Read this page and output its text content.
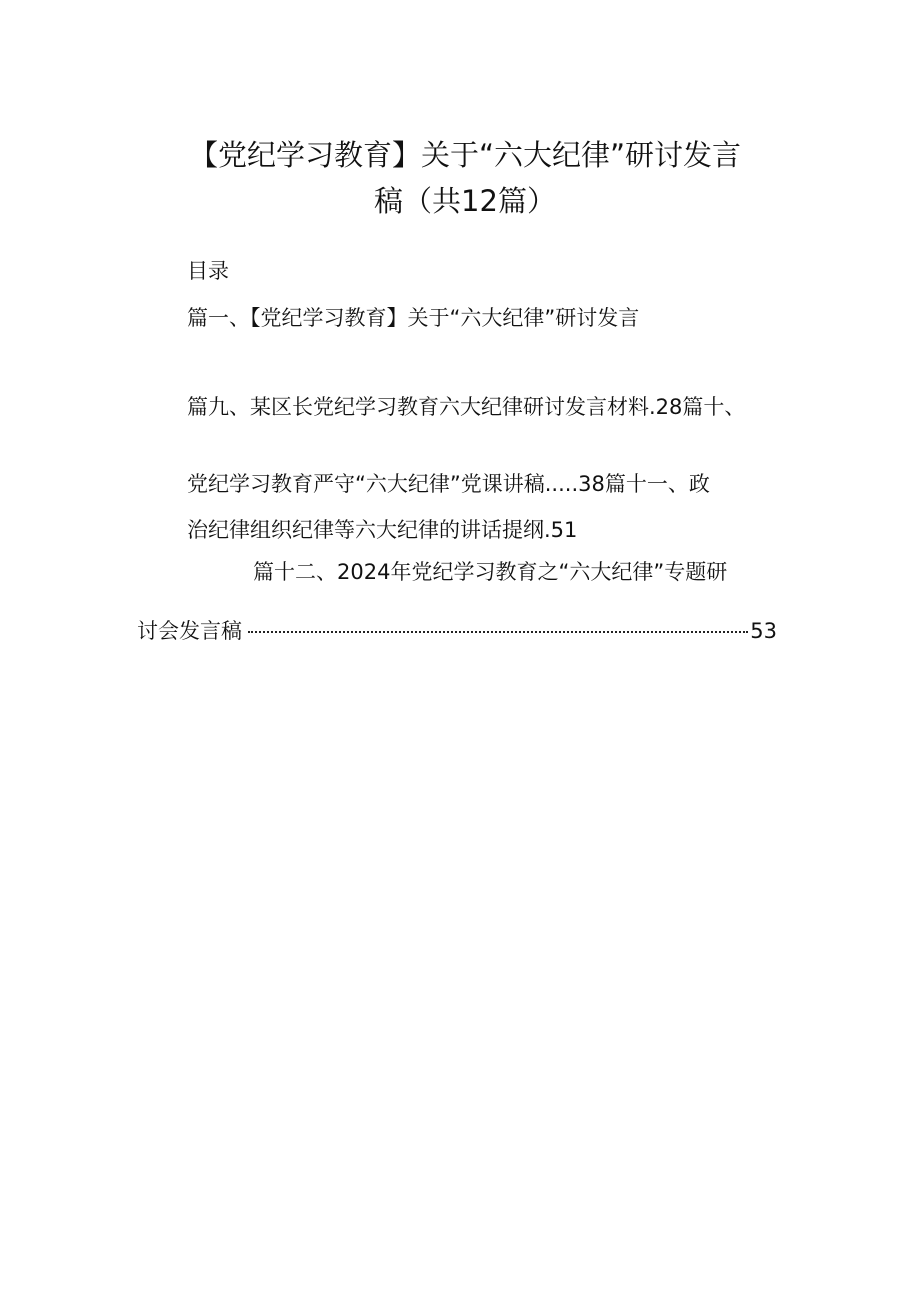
【党纪学习教育】关于“六大纪律”研讨发言
稿（共12篇）
目录
篇一、【党纪学习教育】关于“六大纪律”研讨发言
篇九、某区长党纪学习教育六大纪律研讨发言材料.28篇十、
党纪学习教育严守“六大纪律”党课讲稿.....38篇十一、政
治纪律组织纪律等六大纪律的讲话提纲.51
篇十二、2024年党纪学习教育之“六大纪律”专题研
讨会发言稿	53
